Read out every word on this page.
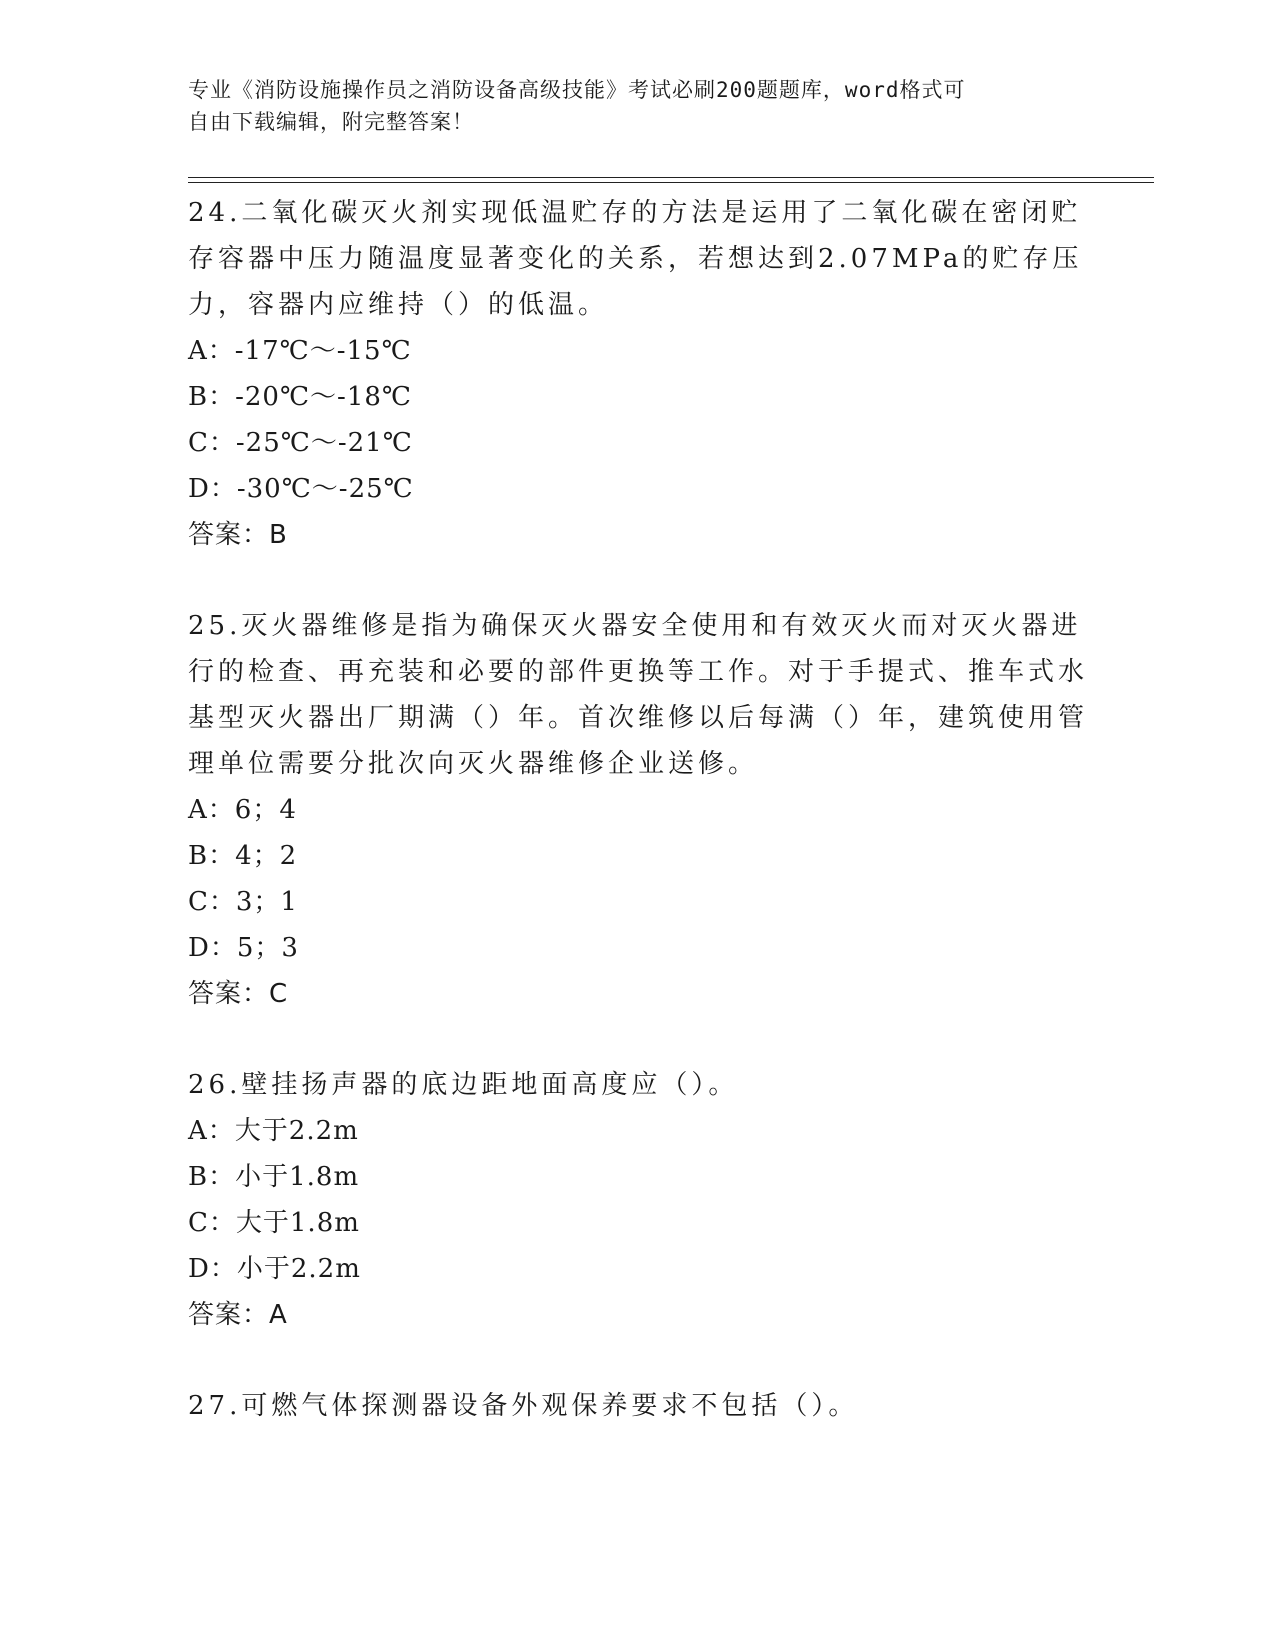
专业《消防设施操作员之消防设备高级技能》考试必刷200题题库，word格式可
自由下载编辑，附完整答案！

24.二氧化碳灭火剂实现低温贮存的方法是运用了二氧化碳在密闭贮存容器中压力随温度显著变化的关系，若想达到2.07MPa的贮存压力，容器内应维持（）的低温。

A：-17℃～-15℃

B：-20℃～-18℃

C：-25℃～-21℃

D：-30℃～-25℃

答案：B

25.灭火器维修是指为确保灭火器安全使用和有效灭火而对灭火器进行的检查、再充装和必要的部件更换等工作。对于手提式、推车式水基型灭火器出厂期满（）年。首次维修以后每满（）年，建筑使用管理单位需要分批次向灭火器维修企业送修。

A：6；4

B：4；2

C：3；1

D：5；3

答案：C

26.壁挂扬声器的底边距地面高度应（）。

A：大于2.2m

B：小于1.8m

C：大于1.8m

D：小于2.2m

答案：A

27.可燃气体探测器设备外观保养要求不包括（）。
